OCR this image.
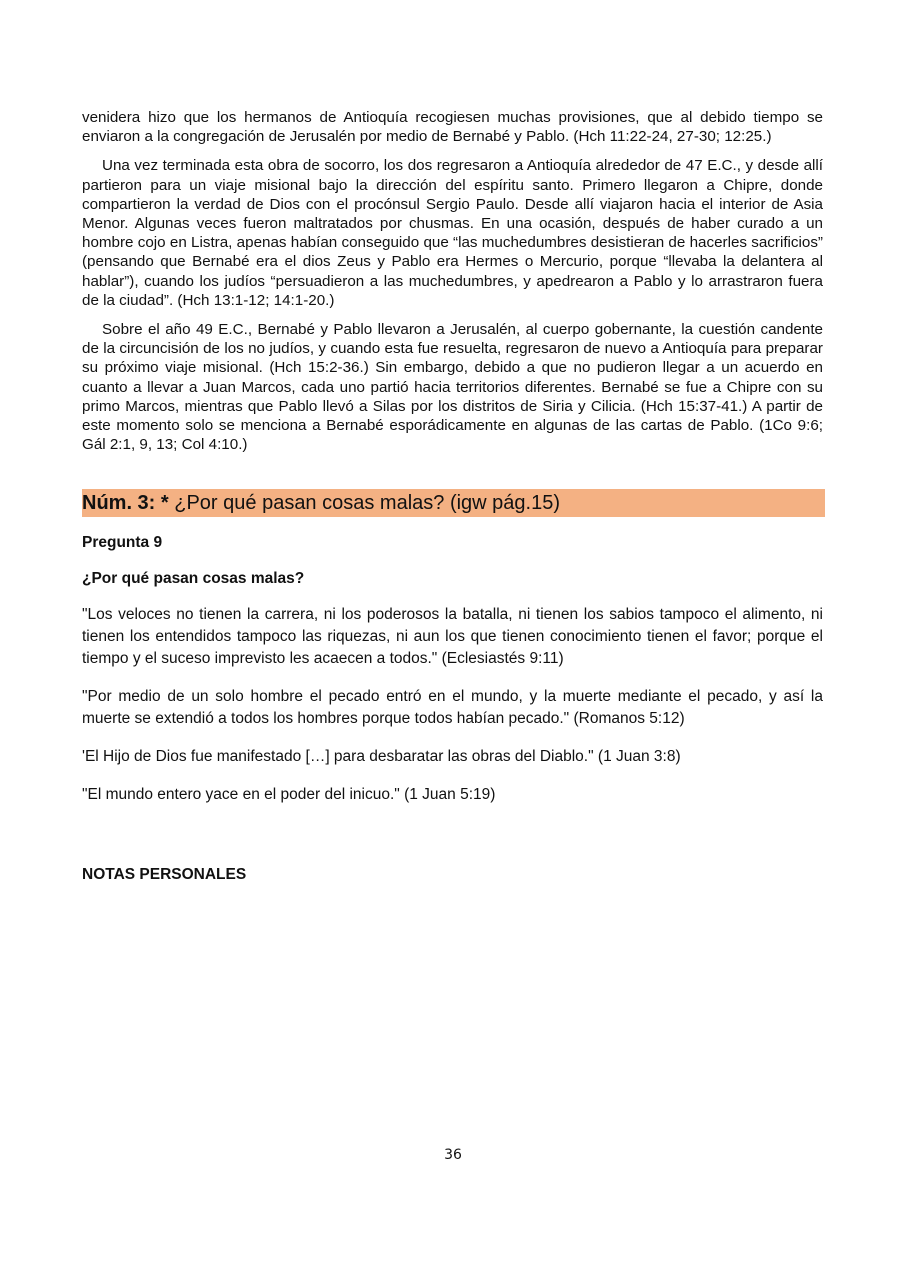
venidera hizo que los hermanos de Antioquía recogiesen muchas provisiones, que al debido tiempo se enviaron a la congregación de Jerusalén por medio de Bernabé y Pablo. (Hch 11:22-24, 27-30; 12:25.)

Una vez terminada esta obra de socorro, los dos regresaron a Antioquía alrededor de 47 E.C., y desde allí partieron para un viaje misional bajo la dirección del espíritu santo. Primero llegaron a Chipre, donde compartieron la verdad de Dios con el procónsul Sergio Paulo. Desde allí viajaron hacia el interior de Asia Menor. Algunas veces fueron maltratados por chusmas. En una ocasión, después de haber curado a un hombre cojo en Listra, apenas habían conseguido que “las muchedumbres desistieran de hacerles sacrificios” (pensando que Bernabé era el dios Zeus y Pablo era Hermes o Mercurio, porque “llevaba la delantera al hablar”), cuando los judíos “persuadieron a las muchedumbres, y apedrearon a Pablo y lo arrastraron fuera de la ciudad”. (Hch 13:1-12; 14:1-20.)

Sobre el año 49 E.C., Bernabé y Pablo llevaron a Jerusalén, al cuerpo gobernante, la cuestión candente de la circuncisión de los no judíos, y cuando esta fue resuelta, regresaron de nuevo a Antioquía para preparar su próximo viaje misional. (Hch 15:2-36.) Sin embargo, debido a que no pudieron llegar a un acuerdo en cuanto a llevar a Juan Marcos, cada uno partió hacia territorios diferentes. Bernabé se fue a Chipre con su primo Marcos, mientras que Pablo llevó a Silas por los distritos de Siria y Cilicia. (Hch 15:37-41.) A partir de este momento solo se menciona a Bernabé esporádicamente en algunas de las cartas de Pablo. (1Co 9:6; Gál 2:1, 9, 13; Col 4:10.)

Núm. 3: * ¿Por qué pasan cosas malas? (igw pág.15)

Pregunta 9

¿Por qué pasan cosas malas?

"Los veloces no tienen la carrera, ni los poderosos la batalla, ni tienen los sabios tampoco el alimento, ni tienen los entendidos tampoco las riquezas, ni aun los que tienen conocimiento tienen el favor; porque el tiempo y el suceso imprevisto les acaecen a todos." (Eclesiastés 9:11)

"Por medio de un solo hombre el pecado entró en el mundo, y la muerte mediante el pecado, y así la muerte se extendió a todos los hombres porque todos habían pecado." (Romanos 5:12)

'El Hijo de Dios fue manifestado […] para desbaratar las obras del Diablo." (1 Juan 3:8)

"El mundo entero yace en el poder del inicuo." (1 Juan 5:19)

NOTAS PERSONALES

36
